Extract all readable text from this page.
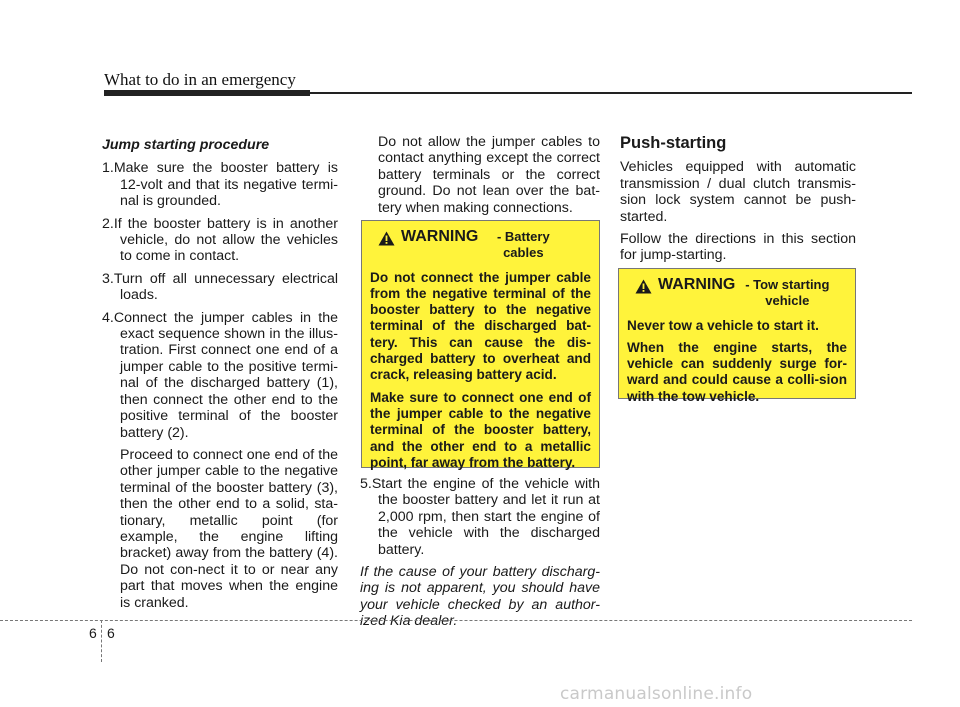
What to do in an emergency

Jump starting procedure

1.Make sure the booster battery is 12-volt and that its negative termi-nal is grounded.

2.If the booster battery is in another vehicle, do not allow the vehicles to come in contact.

3.Turn off all unnecessary electrical loads.

4.Connect the jumper cables in the exact sequence shown in the illus-tration. First connect one end of a jumper cable to the positive termi-nal of the discharged battery (1), then connect the other end to the positive terminal of the booster battery (2).

Proceed to connect one end of the other jumper cable to the negative terminal of the booster battery (3), then the other end to a solid, sta-tionary, metallic point (for example, the engine lifting bracket) away from the battery (4). Do not con-nect it to or near any part that moves when the engine is cranked.

Do not allow the jumper cables to contact anything except the correct battery terminals or the correct ground. Do not lean over the bat-tery when making connections.

WARNING	- Battery cables

Do not connect the jumper cable from the negative terminal of the booster battery to the negative terminal of the discharged bat-tery. This can cause the dis-charged battery to overheat and crack, releasing battery acid.

Make sure to connect one end of the jumper cable to the negative terminal of the booster battery, and the other end to a metallic point, far away from the battery.

5.Start the engine of the vehicle with the booster battery and let it run at 2,000 rpm, then start the engine of the vehicle with the discharged battery.

If the cause of your battery discharg-ing is not apparent, you should have your vehicle checked by an author-ized Kia dealer.

Push-starting

Vehicles equipped with automatic transmission / dual clutch transmis-sion lock system cannot be push-started.

Follow the directions in this section for jump-starting.

WARNING - Tow starting vehicle

Never tow a vehicle to start it.

When the engine starts, the vehicle can suddenly surge for-ward and could cause a colli-sion with the tow vehicle.

6 6
carmanualsonline.info
